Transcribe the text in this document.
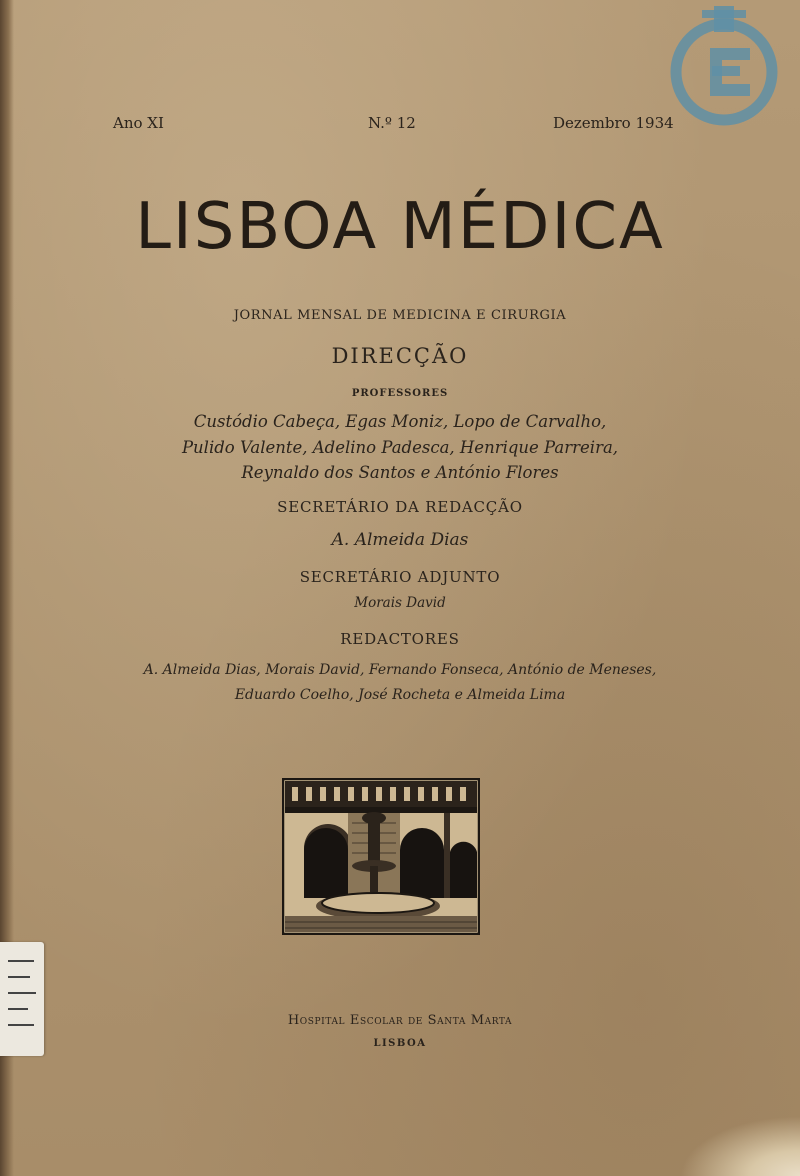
Ano XI	N.º 12	Dezembro 1934
LISBOA MÉDICA
JORNAL MENSAL DE MEDICINA E CIRURGIA
DIRECÇÃO
PROFESSORES
Custódio Cabeça, Egas Moniz, Lopo de Carvalho,
Pulido Valente, Adelino Padesca, Henrique Parreira,
Reynaldo dos Santos e António Flores
SECRETÁRIO DA REDACÇÃO
A. Almeida Dias
SECRETÁRIO ADJUNTO
Morais David
REDACTORES
A. Almeida Dias, Morais David, Fernando Fonseca, António de Meneses,
Eduardo Coelho, José Rocheta e Almeida Lima
Hospital Escolar de Santa Marta
LISBOA
